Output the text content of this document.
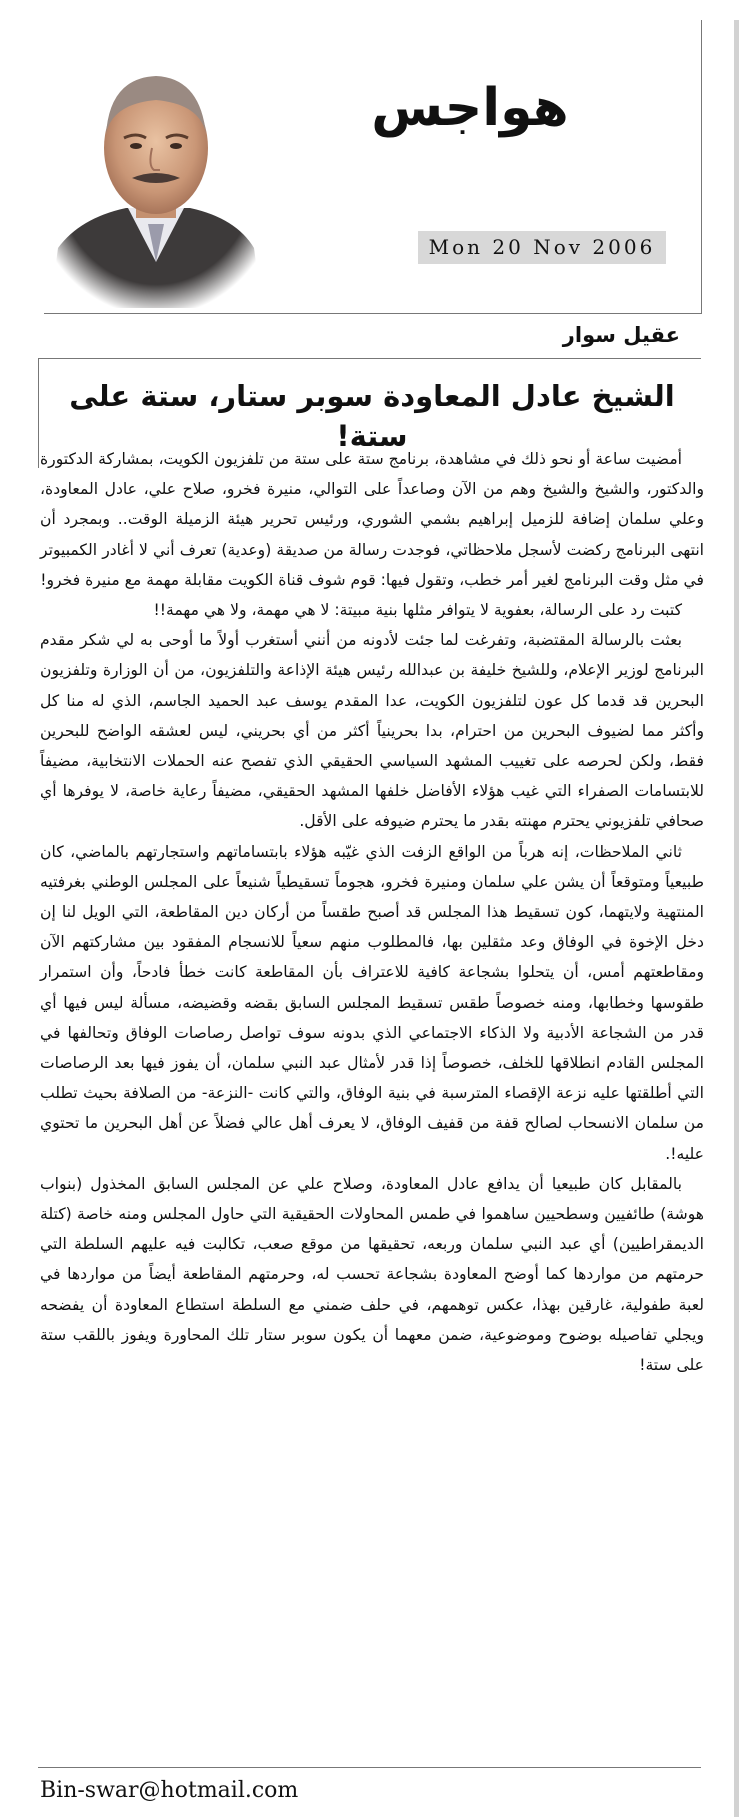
هواجس
Mon 20 Nov 2006
عقيل سوار
الشيخ عادل المعاودة سوبر ستار، ستة على ستة!

أمضيت ساعة أو نحو ذلك في مشاهدة، برنامج ستة على ستة من تلفزيون الكويت، بمشاركة الدكتورة والدكتور، والشيخ والشيخ وهم من الآن وصاعداً على التوالي، منيرة فخرو، صلاح علي، عادل المعاودة، وعلي سلمان إضافة للزميل إبراهيم بشمي الشوري، ورئيس تحرير هيئة الزميلة الوقت.. وبمجرد أن انتهى البرنامج ركضت لأسجل ملاحظاتي، فوجدت رسالة من صديقة (وعدية) تعرف أني لا أغادر الكمبيوتر في مثل وقت البرنامج لغير أمر خطب، وتقول فيها: قوم شوف قناة الكويت مقابلة مهمة مع منيرة فخرو!

كتبت رد على الرسالة، بعفوية لا يتوافر مثلها بنية مبيتة: لا هي مهمة، ولا هي مهمة!!

بعثت بالرسالة المقتضبة، وتفرغت لما جئت لأدونه من أنني أستغرب أولاً ما أوحى به لي شكر مقدم البرنامج لوزير الإعلام، وللشيخ خليفة بن عبدالله رئيس هيئة الإذاعة والتلفزيون، من أن الوزارة وتلفزيون البحرين قد قدما كل عون لتلفزيون الكويت، عدا المقدم يوسف عبد الحميد الجاسم، الذي له منا كل وأكثر مما لضيوف البحرين من احترام، بدا بحرينياً أكثر من أي بحريني، ليس لعشقه الواضح للبحرين فقط، ولكن لحرصه على تغييب المشهد السياسي الحقيقي الذي تفصح عنه الحملات الانتخابية، مضيفاً للابتسامات الصفراء التي غيب هؤلاء الأفاضل خلفها المشهد الحقيقي، مضيفاً رعاية خاصة، لا يوفرها أي صحافي تلفزيوني يحترم مهنته بقدر ما يحترم ضيوفه على الأقل.

ثاني الملاحظات، إنه هرباً من الواقع الزفت الذي غيّبه هؤلاء بابتساماتهم واستجارتهم بالماضي، كان طبيعياً ومتوقعاً أن يشن علي سلمان ومنيرة فخرو، هجوماً تسقيطياً شنيعاً على المجلس الوطني بغرفتيه المنتهية ولايتهما، كون تسقيط هذا المجلس قد أصبح طقساً من أركان دين المقاطعة، التي الويل لنا إن دخل الإخوة في الوفاق وعد مثقلين بها، فالمطلوب منهم سعياً للانسجام المفقود بين مشاركتهم الآن ومقاطعتهم أمس، أن يتحلوا بشجاعة كافية للاعتراف بأن المقاطعة كانت خطأ فادحاً، وأن استمرار طقوسها وخطابها، ومنه خصوصاً طقس تسقيط المجلس السابق بقضه وقضيضه، مسألة ليس فيها أي قدر من الشجاعة الأدبية ولا الذكاء الاجتماعي الذي بدونه سوف تواصل رصاصات الوفاق وتحالفها في المجلس القادم انطلاقها للخلف، خصوصاً إذا قدر لأمثال عبد النبي سلمان، أن يفوز فيها بعد الرصاصات التي أطلقتها عليه نزعة الإقصاء المترسبة في بنية الوفاق، والتي كانت -النزعة- من الصلافة بحيث تطلب من سلمان الانسحاب لصالح قفة من قفيف الوفاق، لا يعرف أهل عالي فضلاً عن أهل البحرين ما تحتوي عليه!.

بالمقابل كان طبيعيا أن يدافع عادل المعاودة، وصلاح علي عن المجلس السابق المخذول (بنواب هوشة) طائفيين وسطحيين ساهموا في طمس المحاولات الحقيقية التي حاول المجلس ومنه خاصة (كتلة الديمقراطيين) أي عبد النبي سلمان وربعه، تحقيقها من موقع صعب، تكالبت فيه عليهم السلطة التي حرمتهم من مواردها كما أوضح المعاودة بشجاعة تحسب له، وحرمتهم المقاطعة أيضاً من مواردها في لعبة طفولية، غارقين بهذا، عكس توهمهم، في حلف ضمني مع السلطة استطاع المعاودة أن يفضحه ويجلي تفاصيله بوضوح وموضوعية، ضمن معهما أن يكون سوبر ستار تلك المحاورة ويفوز باللقب ستة على ستة!

Bin-swar@hotmail.com
